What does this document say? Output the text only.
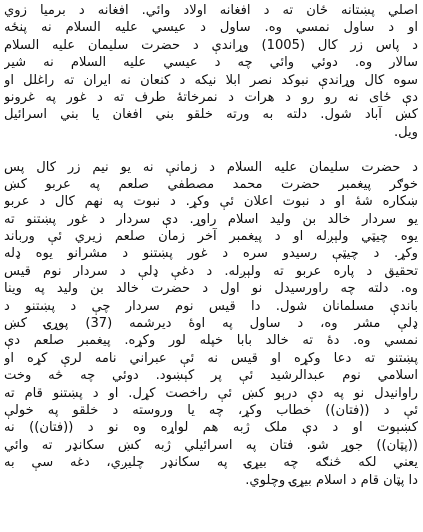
اصلي پښتانه ځان ته د افغانه اولاد وائي. افغانه د برميا زوي
او د ساول نمسي وه. ساول د عيسي عليه السلام نه پنځه
د پاس زر کال (1005) وړاندې د حضرت سليمان عليه السلام
سالار وه. دوئي وائي چه د عيسي عليه السلام نه شير
سوه کال وړاندې نبوکد نصر ابلا نيکه د کنعان نه ايران ته راغلل او
دې ځای نه رو رو د هرات د نمرخاتۀ طرف ته د غور په غرونو
کښ آباد شول. دلته به ورته خلقو بني افغان يا بني اسرائيل
ويل.
د حضرت سليمان عليه السلام د زمانې نه يو نيم زر کال پس
خوګر پيغمبر حضرت محمد مصطفي صلعم په عربو کښ
ښکاره شۀ او د نبوت اعلان ئې وکړ. د نبوت په نهم کال د عربو
يو سردار خالد بن وليد اسلام راوړ. دې سردار د غور پښتنو ته
يوه چيټي ولېږله او د پيغمبر آخر زمان صلعم زيري ئې ورباند
وکړ. د چيټې رسيدو سره د غور پښتنو د مشرانو يوه ډله
تحقيق د پاره عربو ته ولېږله. د دغې ډلې د سردار نوم قيس
وه. دلته چه راورسيدل نو اول د حضرت خالد بن وليد په وينا
باندې مسلمانان شول. دا قيس نوم سردار چې د پښتنو د
ډلې مشر وه، د ساول په اوۀ ديرشمه (37) پوړۍ کښ
نمسي وه. دۀ ته خالد بابا خپله لور وکړه. پيغمبر صلعم دې
پښتنو ته دعا وکړه او قيس نه ئې عبراني نامه لرې کړه او
اسلامي نوم عبدالرشيد ئې پر کېښود. دوئي چه څه وخت
راوانيدل نو په دې درېو کښ ئې راخصت کړل. او د پښتنو قام ته
ئې د ((فتان)) خطاب وکړ، چه يا وروسته د خلقو په خولې
کښېوت او د دې ملک ژبه هم لواړه وه نو د ((فتان)) نه
((پټان)) جوړ شو. فتان په اسرائيلي ژبه کښ سکانډر ته وائي
يعني لکه څنګه چه بيړۍ په سکانډر چليږي، دغه سې به
دا پټان قام د اسلام بيړۍ وچلوي.
